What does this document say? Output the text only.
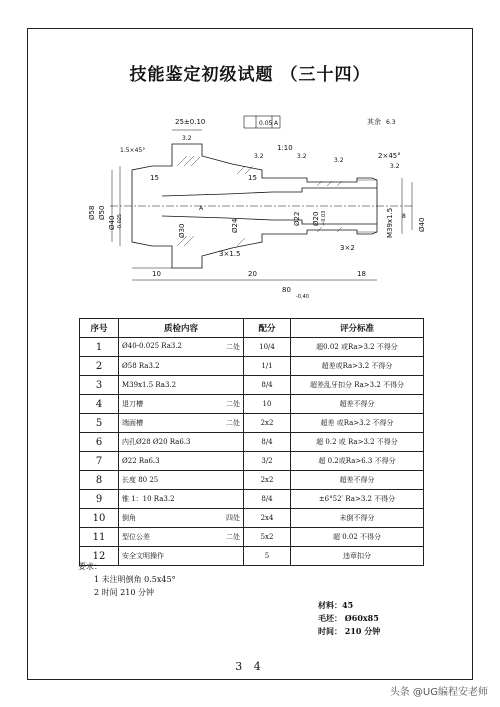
技能鉴定初级试题 （三十四）
25±0.10	0.05 A
1:10
其余 6.3
1.5×45°
2×45°
3.2
3.2	3.2
3.2
3.2
3×1.5
3×2
10	20	18
15	15
80
-0.40
8
A
Ø58 Ø50
Ø40 -0.025
Ø30	Ø24	Ø22 Ø20 +0.03	M39x1.5	Ø40
序号	质检内容	配分	评分标准
1	Ø40-0.025 Ra3.2 二处	10/4	超0.02 或Ra>3.2 不得分
2	Ø58 Ra3.2	1/1	超差或Ra>3.2 不得分
3	M39x1.5 Ra3.2	8/4	超差乱牙扣分 Ra>3.2 不得分
4	退刀槽 二处	10	超差不得分
5	端面槽 二处	2x2	超差 或Ra>3.2 不得分
6	内孔Ø28 Ø20 Ra6.3	8/4	超 0.2 或 Ra>3.2 不得分
7	Ø22 Ra6.3	3/2	超 0.2或Ra>6.3 不得分
8	长度 80 25	2x2	超差不得分
9	锥 1：10 Ra3.2	8/4	±6°52′ Ra>3.2 不得分
10	倒角 四处	2x4	未倒不得分
11	型位公差 二处	5x2	超 0.02 不得分
12	安全文明操作	5	违章扣分
要求：
1 未注明倒角 0.5x45°
2 时间 210 分钟
材料：45
毛坯： Ø60x85
时间： 210 分钟
3 4
头条 @UG编程安老师
